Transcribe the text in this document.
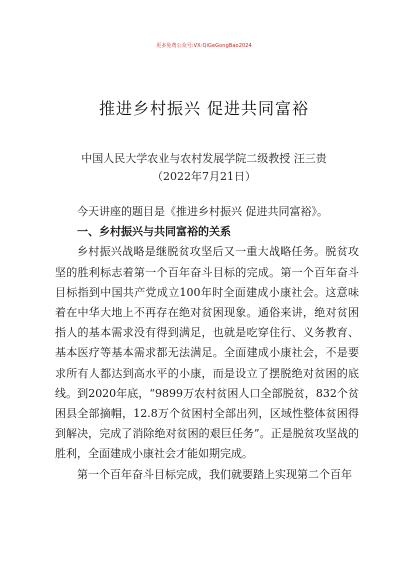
更多免费公众号:VX:QiGeGongBao2024
推进乡村振兴 促进共同富裕
中国人民大学农业与农村发展学院二级教授 汪三贵
（2022年7月21日）

今天讲座的题目是《推进乡村振兴 促进共同富裕》。

一、乡村振兴与共同富裕的关系

乡村振兴战略是继脱贫攻坚后又一重大战略任务。脱贫攻坚的胜利标志着第一个百年奋斗目标的完成。第一个百年奋斗目标指到中国共产党成立100年时全面建成小康社会。这意味着在中华大地上不再存在绝对贫困现象。通俗来讲，绝对贫困指人的基本需求没有得到满足，也就是吃穿住行、义务教育、基本医疗等基本需求都无法满足。全面建成小康社会，不是要求所有人都达到高水平的小康，而是设立了摆脱绝对贫困的底线。到2020年底，“9899万农村贫困人口全部脱贫，832个贫困县全部摘帽，12.8万个贫困村全部出列，区域性整体贫困得到解决，完成了消除绝对贫困的艰巨任务”。正是脱贫攻坚战的胜利，全面建成小康社会才能如期完成。

第一个百年奋斗目标完成，我们就要踏上实现第二个百年
